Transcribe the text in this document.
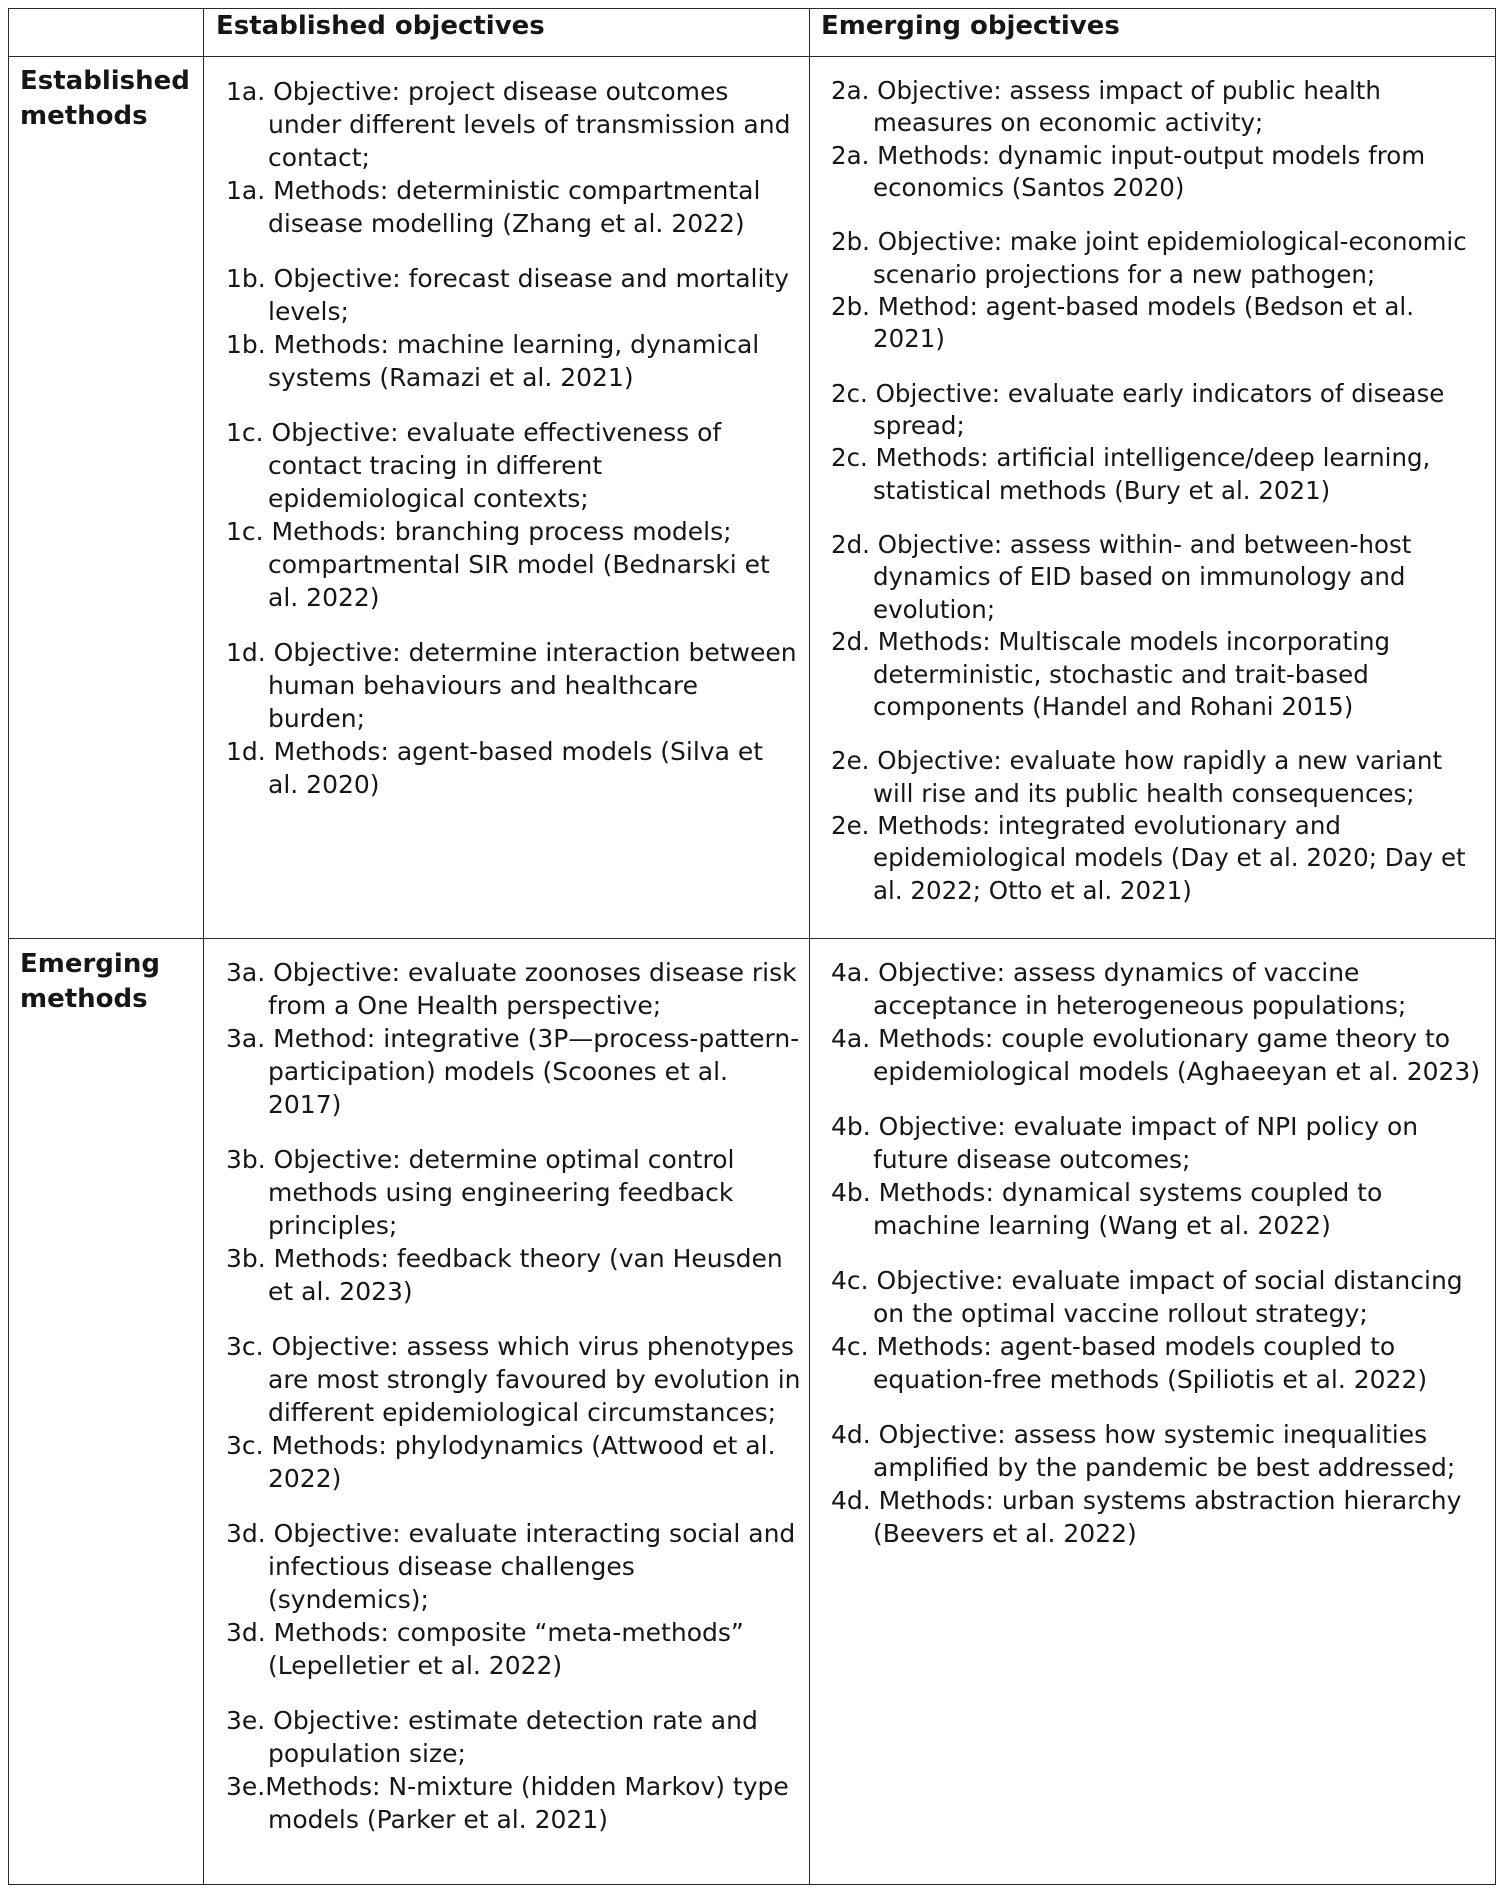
Established objectives	Emerging objectives
Established
methods
Emerging
methods
1a. Objective: project disease outcomes under different levels of transmission and contact;
1a. Methods: deterministic compartmental disease modelling (Zhang et al. 2022)
1b. Objective: forecast disease and mortality levels;
1b. Methods: machine learning, dynamical systems (Ramazi et al. 2021)
1c. Objective: evaluate effectiveness of contact tracing in different epidemiological contexts;
1c. Methods: branching process models; compartmental SIR model (Bednarski et al. 2022)
1d. Objective: determine interaction between human behaviours and healthcare burden;
1d. Methods: agent-based models (Silva et al. 2020)
2a. Objective: assess impact of public health measures on economic activity;
2a. Methods: dynamic input-output models from economics (Santos 2020)
2b. Objective: make joint epidemiological-economic scenario projections for a new pathogen;
2b. Method: agent-based models (Bedson et al. 2021)
2c. Objective: evaluate early indicators of disease spread;
2c. Methods: artificial intelligence/deep learning, statistical methods (Bury et al. 2021)
2d. Objective: assess within- and between-host dynamics of EID based on immunology and evolution;
2d. Methods: Multiscale models incorporating deterministic, stochastic and trait-based components (Handel and Rohani 2015)
2e. Objective: evaluate how rapidly a new variant will rise and its public health consequences;
2e. Methods: integrated evolutionary and epidemiological models (Day et al. 2020; Day et al. 2022; Otto et al. 2021)
3a. Objective: evaluate zoonoses disease risk from a One Health perspective;
3a. Method: integrative (3P—process-pattern-participation) models (Scoones et al. 2017)
3b. Objective: determine optimal control methods using engineering feedback principles;
3b. Methods: feedback theory (van Heusden et al. 2023)
3c. Objective: assess which virus phenotypes are most strongly favoured by evolution in different epidemiological circumstances;
3c. Methods: phylodynamics (Attwood et al. 2022)
3d. Objective: evaluate interacting social and infectious disease challenges (syndemics);
3d. Methods: composite “meta-methods” (Lepelletier et al. 2022)
3e. Objective: estimate detection rate and population size;
3e.Methods: N-mixture (hidden Markov) type models (Parker et al. 2021)
4a. Objective: assess dynamics of vaccine acceptance in heterogeneous populations;
4a. Methods: couple evolutionary game theory to epidemiological models (Aghaeeyan et al. 2023)
4b. Objective: evaluate impact of NPI policy on future disease outcomes;
4b. Methods: dynamical systems coupled to machine learning (Wang et al. 2022)
4c. Objective: evaluate impact of social distancing on the optimal vaccine rollout strategy;
4c. Methods: agent-based models coupled to equation-free methods (Spiliotis et al. 2022)
4d. Objective: assess how systemic inequalities amplified by the pandemic be best addressed;
4d. Methods: urban systems abstraction hierarchy (Beevers et al. 2022)
